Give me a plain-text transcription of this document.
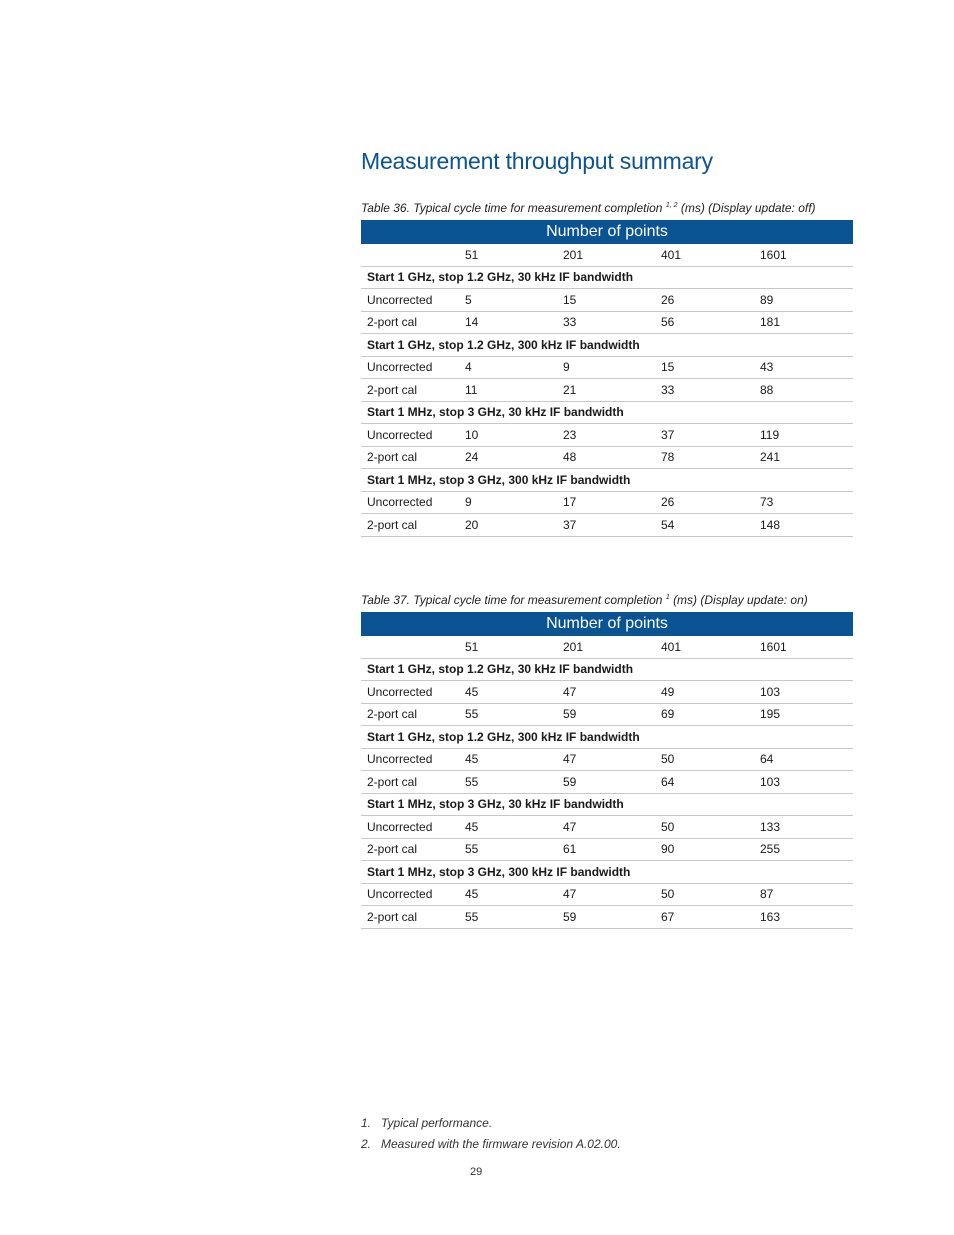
Measurement throughput summary
Table 36. Typical cycle time for measurement completion $^{1, 2}$ (ms) (Display update: off)
Number of points				
	51	201	401	1601
Start 1 GHz, stop 1.2 GHz, 30 kHz IF bandwidth				
Uncorrected	5	15	26	89
2-port cal	14	33	56	181
Start 1 GHz, stop 1.2 GHz, 300 kHz IF bandwidth				
Uncorrected	4	9	15	43
2-port cal	11	21	33	88
Start 1 MHz, stop 3 GHz, 30 kHz IF bandwidth				
Uncorrected	10	23	37	119
2-port cal	24	48	78	241
Start 1 MHz, stop 3 GHz, 300 kHz IF bandwidth				
Uncorrected	9	17	26	73
2-port cal	20	37	54	148
Table 37. Typical cycle time for measurement completion $^1$ (ms) (Display update: on)
Number of points				
	51	201	401	1601
Start 1 GHz, stop 1.2 GHz, 30 kHz IF bandwidth				
Uncorrected	45	47	49	103
2-port cal	55	59	69	195
Start 1 GHz, stop 1.2 GHz, 300 kHz IF bandwidth				
Uncorrected	45	47	50	64
2-port cal	55	59	64	103
Start 1 MHz, stop 3 GHz, 30 kHz IF bandwidth				
Uncorrected	45	47	50	133
2-port cal	55	61	90	255
Start 1 MHz, stop 3 GHz, 300 kHz IF bandwidth				
Uncorrected	45	47	50	87
2-port cal	55	59	67	163
1. Typical performance.
2. Measured with the firmware revision A.02.00.
29
